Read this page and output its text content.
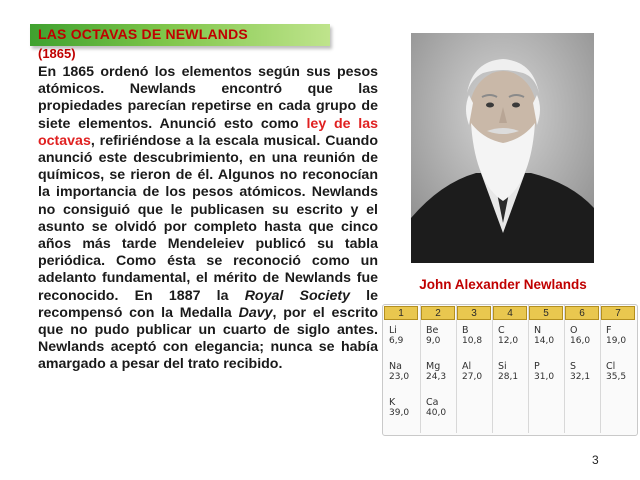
LAS OCTAVAS DE NEWLANDS
(1865)
En 1865 ordenó los elementos según sus pesos atómicos. Newlands encontró que las propiedades parecían repetirse en cada grupo de siete elementos. Anunció esto como ley de las octavas, refiriéndose a la escala musical. Cuando anunció este descubrimiento, en una reunión de químicos, se rieron de él. Algunos no reconocían la importancia de los pesos atómicos. Newlands no consiguió que le publicasen su escrito y el asunto se olvidó por completo hasta que cinco años más tarde Mendeleiev publicó su tabla periódica. Como ésta se reconoció como un adelanto fundamental, el mérito de Newlands fue reconocido. En 1887 la Royal Society le recompensó con la Medalla Davy, por el escrito que no pudo publicar un cuarto de siglo antes. Newlands aceptó con elegancia; nunca se había amargado a pesar del trato recibido.
John Alexander Newlands
1
Li
6,9
Na
23,0
K
39,0
2
Be
9,0
Mg
24,3
Ca
40,0
3
B
10,8
Al
27,0
4
C
12,0
Si
28,1
5
N
14,0
P
31,0
6
O
16,0
S
32,1
7
F
19,0
Cl
35,5
3
